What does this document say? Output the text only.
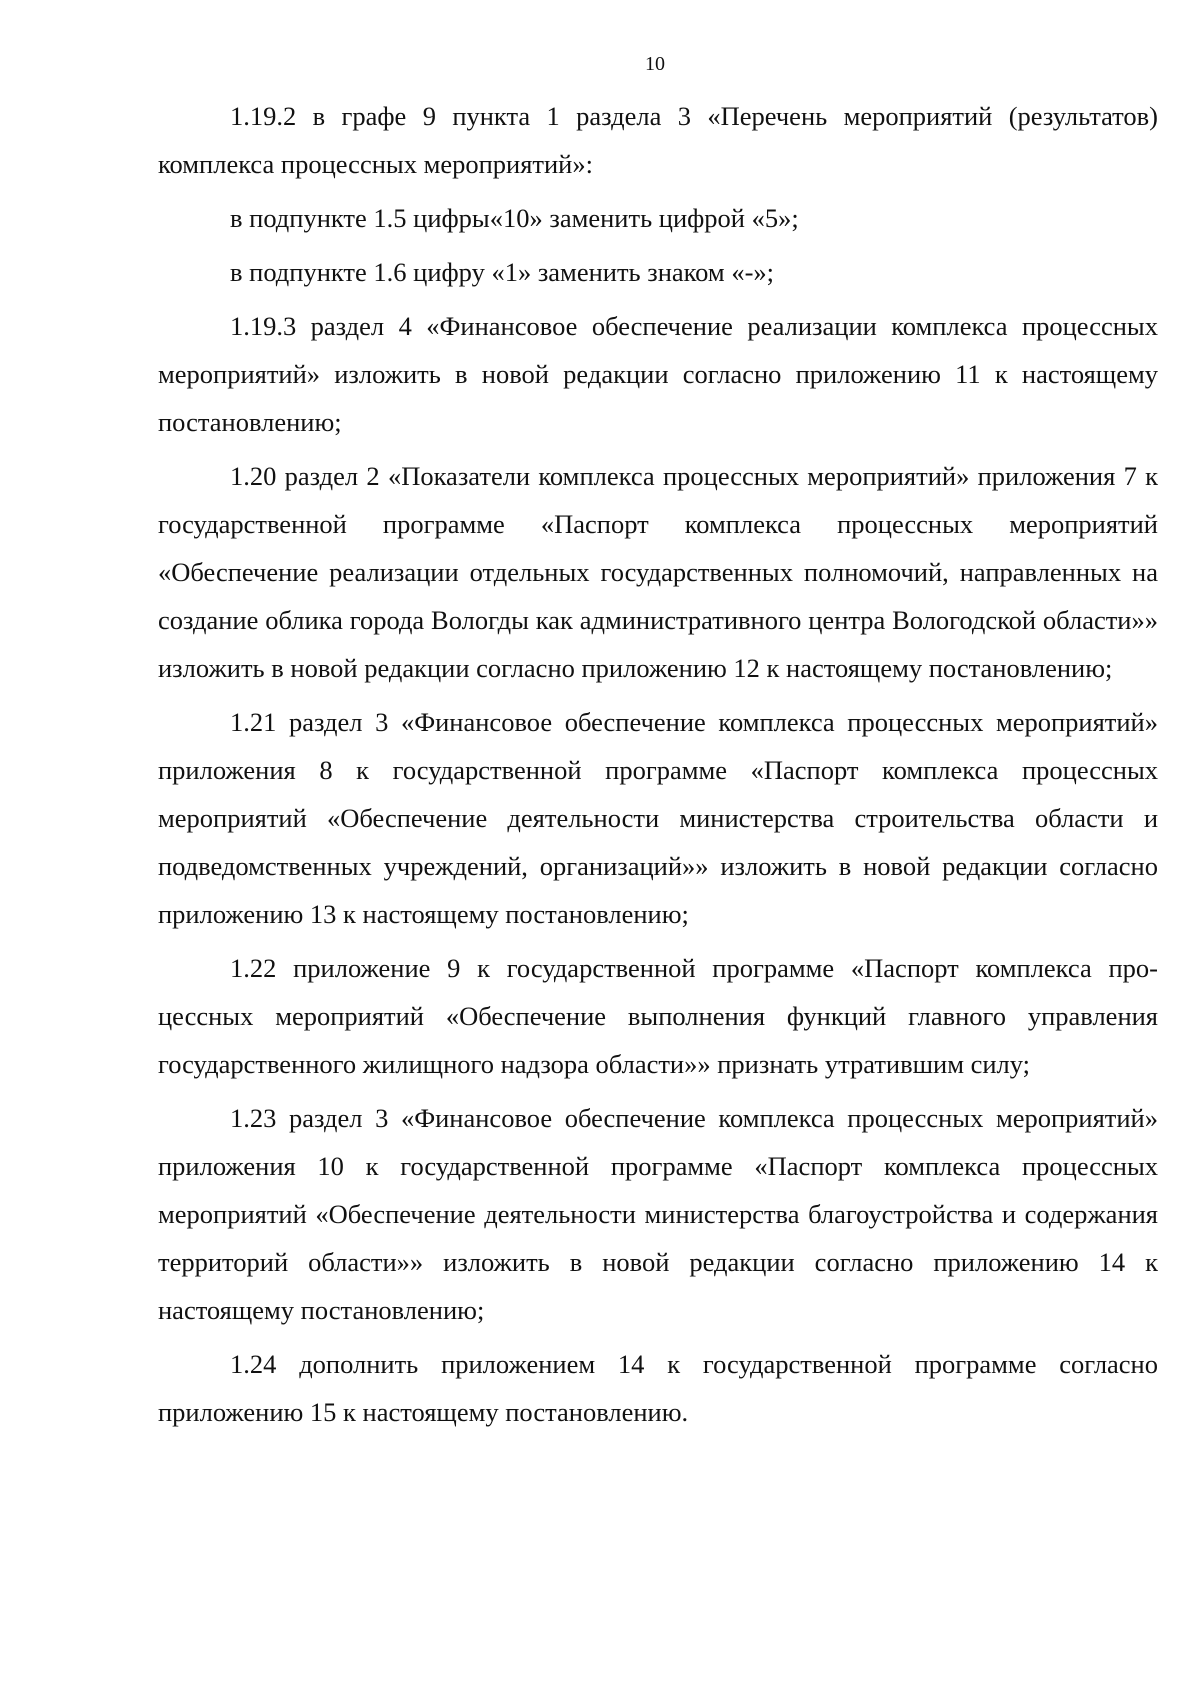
10

1.19.2 в графе 9 пункта 1 раздела 3 «Перечень мероприятий (результатов) комплекса процессных мероприятий»:

в подпункте 1.5 цифры«10» заменить цифрой «5»;

в подпункте 1.6 цифру «1» заменить знаком «-»;

1.19.3 раздел 4 «Финансовое обеспечение реализации комплекса процессных мероприятий» изложить в новой редакции согласно приложению 11 к настоящему постановлению;

1.20 раздел 2 «Показатели комплекса процессных мероприятий» приложения 7 к государственной программе «Паспорт комплекса процессных мероприятий «Обеспечение реализации отдельных государственных полномочий, направленных на создание облика города Вологды как административного центра Вологодской области»» изложить в новой редакции согласно приложению 12 к настоящему постановлению;

1.21 раздел 3 «Финансовое обеспечение комплекса процессных мероприятий» приложения 8 к государственной программе «Паспорт комплекса процессных мероприятий «Обеспечение деятельности министерства строительства области и подведомственных учреждений, организаций»» изложить в новой редакции согласно приложению 13 к настоящему постановлению;

1.22 приложение 9 к государственной программе «Паспорт комплекса процессных мероприятий «Обеспечение выполнения функций главного управления государственного жилищного надзора области»» признать утратившим силу;

1.23 раздел 3 «Финансовое обеспечение комплекса процессных мероприятий» приложения 10 к государственной программе «Паспорт комплекса процессных мероприятий «Обеспечение деятельности министерства благоустройства и содержания территорий области»» изложить в новой редакции согласно приложению 14 к настоящему постановлению;

1.24 дополнить приложением 14 к государственной программе согласно приложению 15 к настоящему постановлению.
